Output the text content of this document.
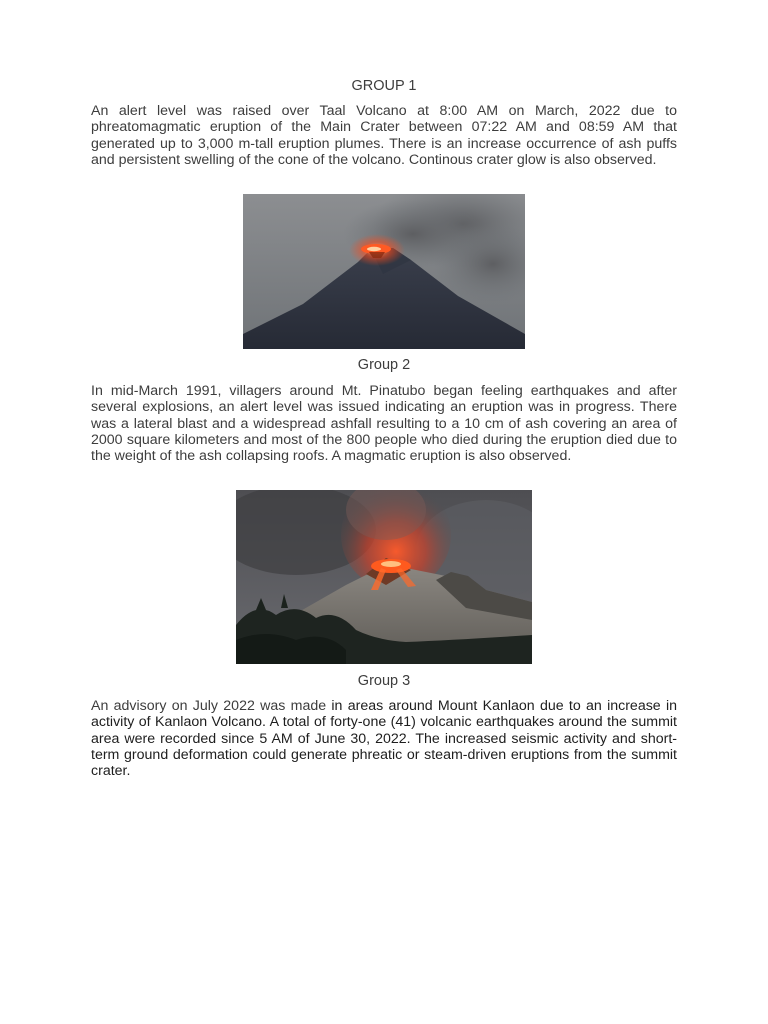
GROUP 1
An alert level was raised over Taal Volcano at 8:00 AM on March, 2022 due to phreatomagmatic eruption of the Main Crater between 07:22 AM and 08:59 AM that generated up to 3,000 m-tall eruption plumes. There is an increase occurrence of ash puffs and persistent swelling of the cone of the volcano. Continous crater glow is also observed.
Group 2
In mid-March 1991, villagers around Mt. Pinatubo began feeling earthquakes and after several explosions, an alert level was issued indicating an eruption was in progress. There was a lateral blast and a widespread ashfall resulting to a 10 cm of ash covering an area of 2000 square kilometers and most of the 800 people who died during the eruption died due to the weight of the ash collapsing roofs. A magmatic eruption is also observed.
Group 3
An advisory on July 2022 was made in areas around Mount Kanlaon due to an increase in activity of Kanlaon Volcano. A total of forty-one (41) volcanic earthquakes around the summit area were recorded since 5 AM of June 30, 2022. The increased seismic activity and short-term ground deformation could generate phreatic or steam-driven eruptions from the summit crater.
